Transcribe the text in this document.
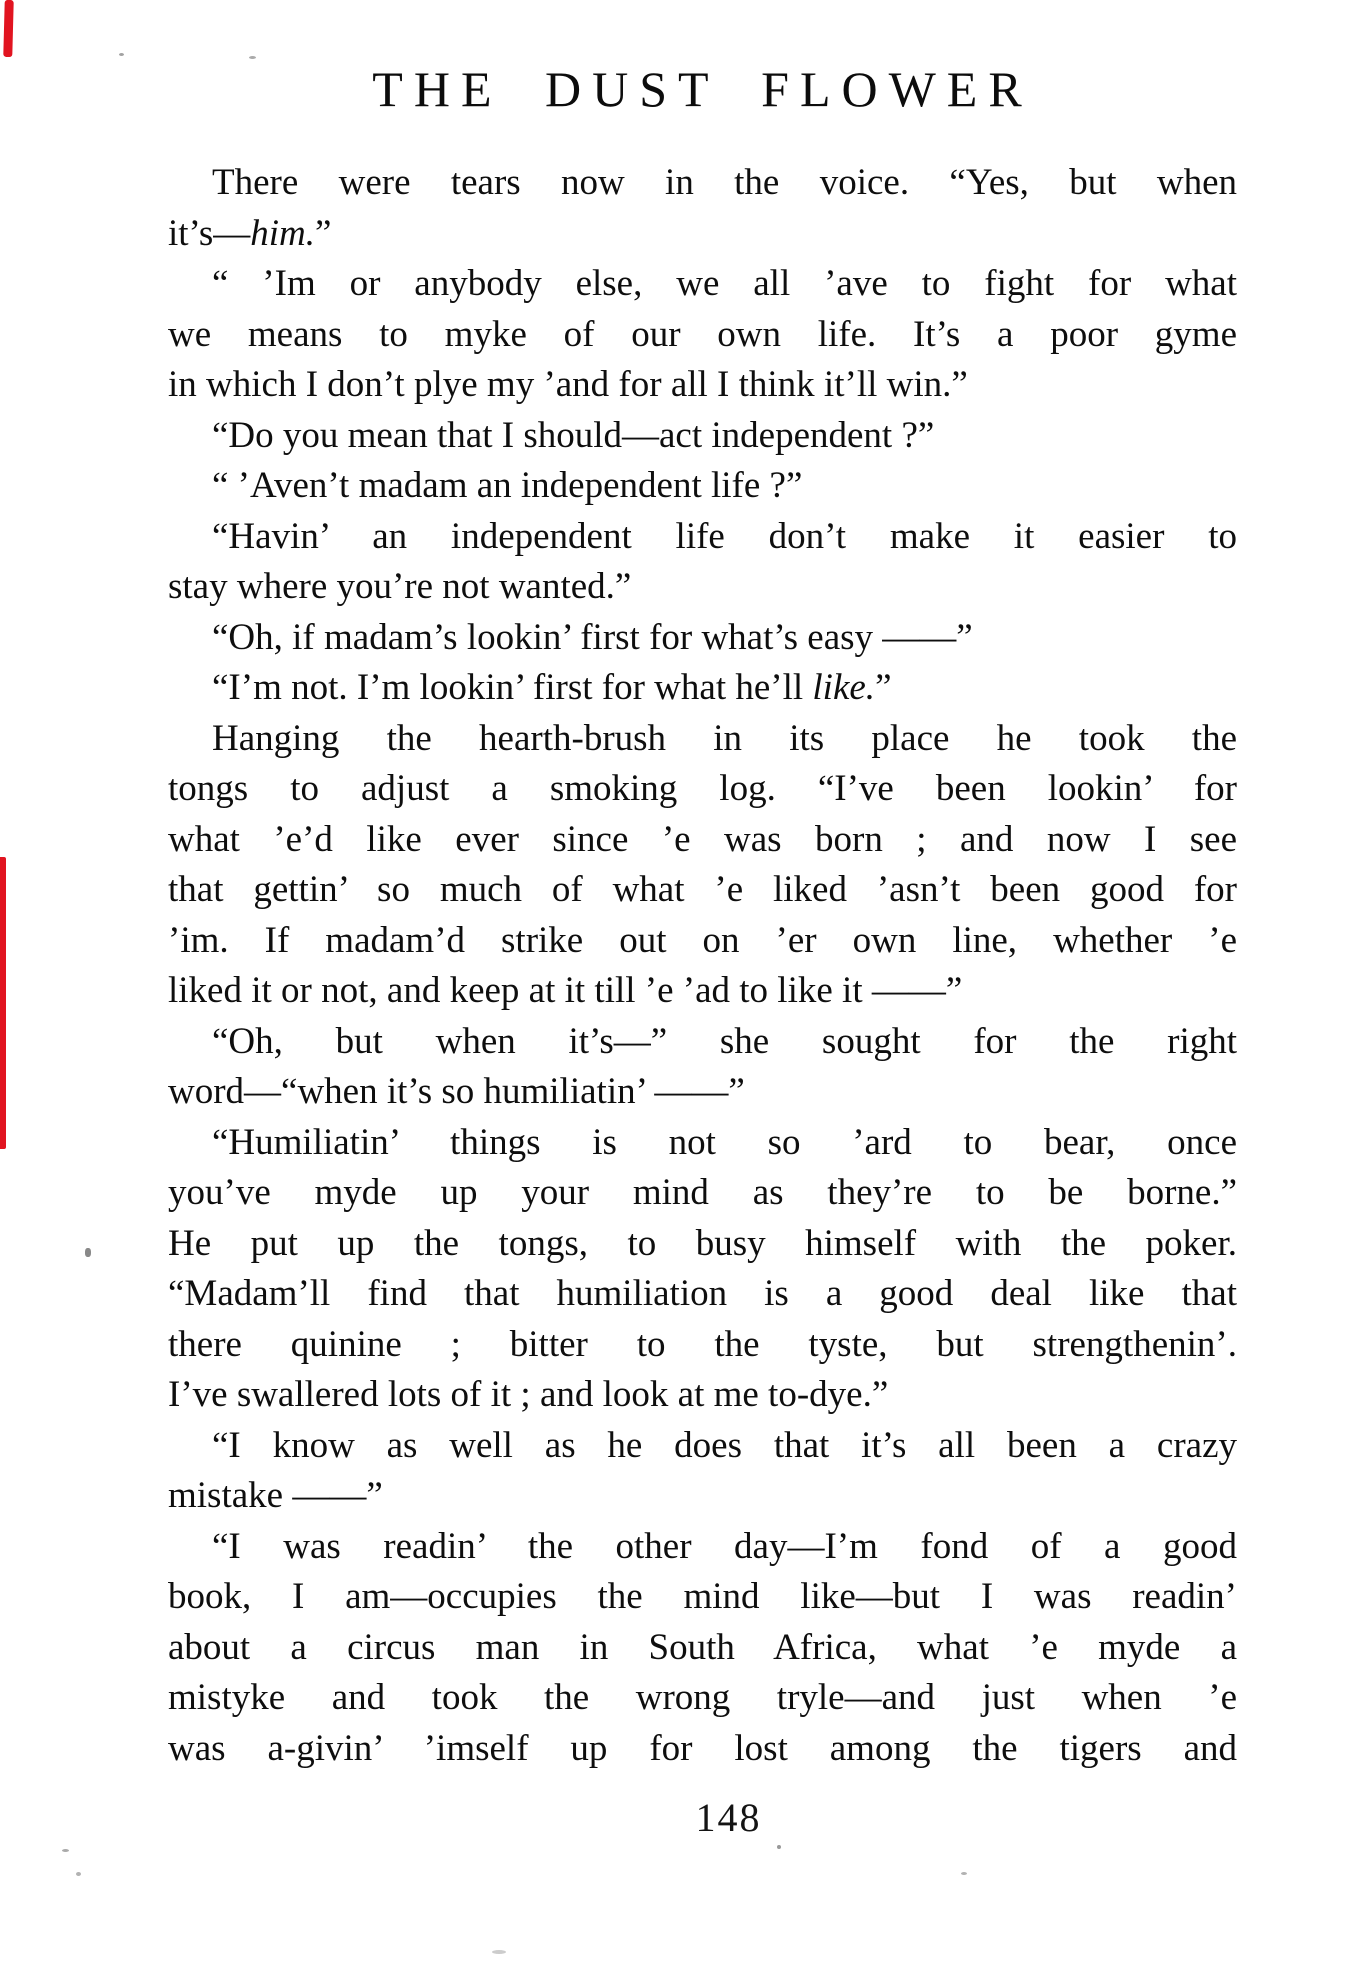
THE DUST FLOWER
There were tears now in the voice. “Yes, but when
it’s—him.”
“ ’Im or anybody else, we all ’ave to fight for what
we means to myke of our own life. It’s a poor gyme
in which I don’t plye my ’and for all I think it’ll win.”
“Do you mean that I should—act independent ?”
“ ’Aven’t madam an independent life ?”
“Havin’ an independent life don’t make it easier to
stay where you’re not wanted.”
“Oh, if madam’s lookin’ first for what’s easy ——”
“I’m not. I’m lookin’ first for what he’ll like.”
Hanging the hearth-brush in its place he took the
tongs to adjust a smoking log. “I’ve been lookin’ for
what ’e’d like ever since ’e was born ; and now I see
that gettin’ so much of what ’e liked ’asn’t been good for
’im. If madam’d strike out on ’er own line, whether ’e
liked it or not, and keep at it till ’e ’ad to like it ——”
“Oh, but when it’s—” she sought for the right
word—“when it’s so humiliatin’ ——”
“Humiliatin’ things is not so ’ard to bear, once
you’ve myde up your mind as they’re to be borne.”
He put up the tongs, to busy himself with the poker.
“Madam’ll find that humiliation is a good deal like that
there quinine ; bitter to the tyste, but strengthenin’.
I’ve swallered lots of it ; and look at me to-dye.”
“I know as well as he does that it’s all been a crazy
mistake ——”
“I was readin’ the other day—I’m fond of a good
book, I am—occupies the mind like—but I was readin’
about a circus man in South Africa, what ’e myde a
mistyke and took the wrong tryle—and just when ’e
was a-givin’ ’imself up for lost among the tigers and
148
